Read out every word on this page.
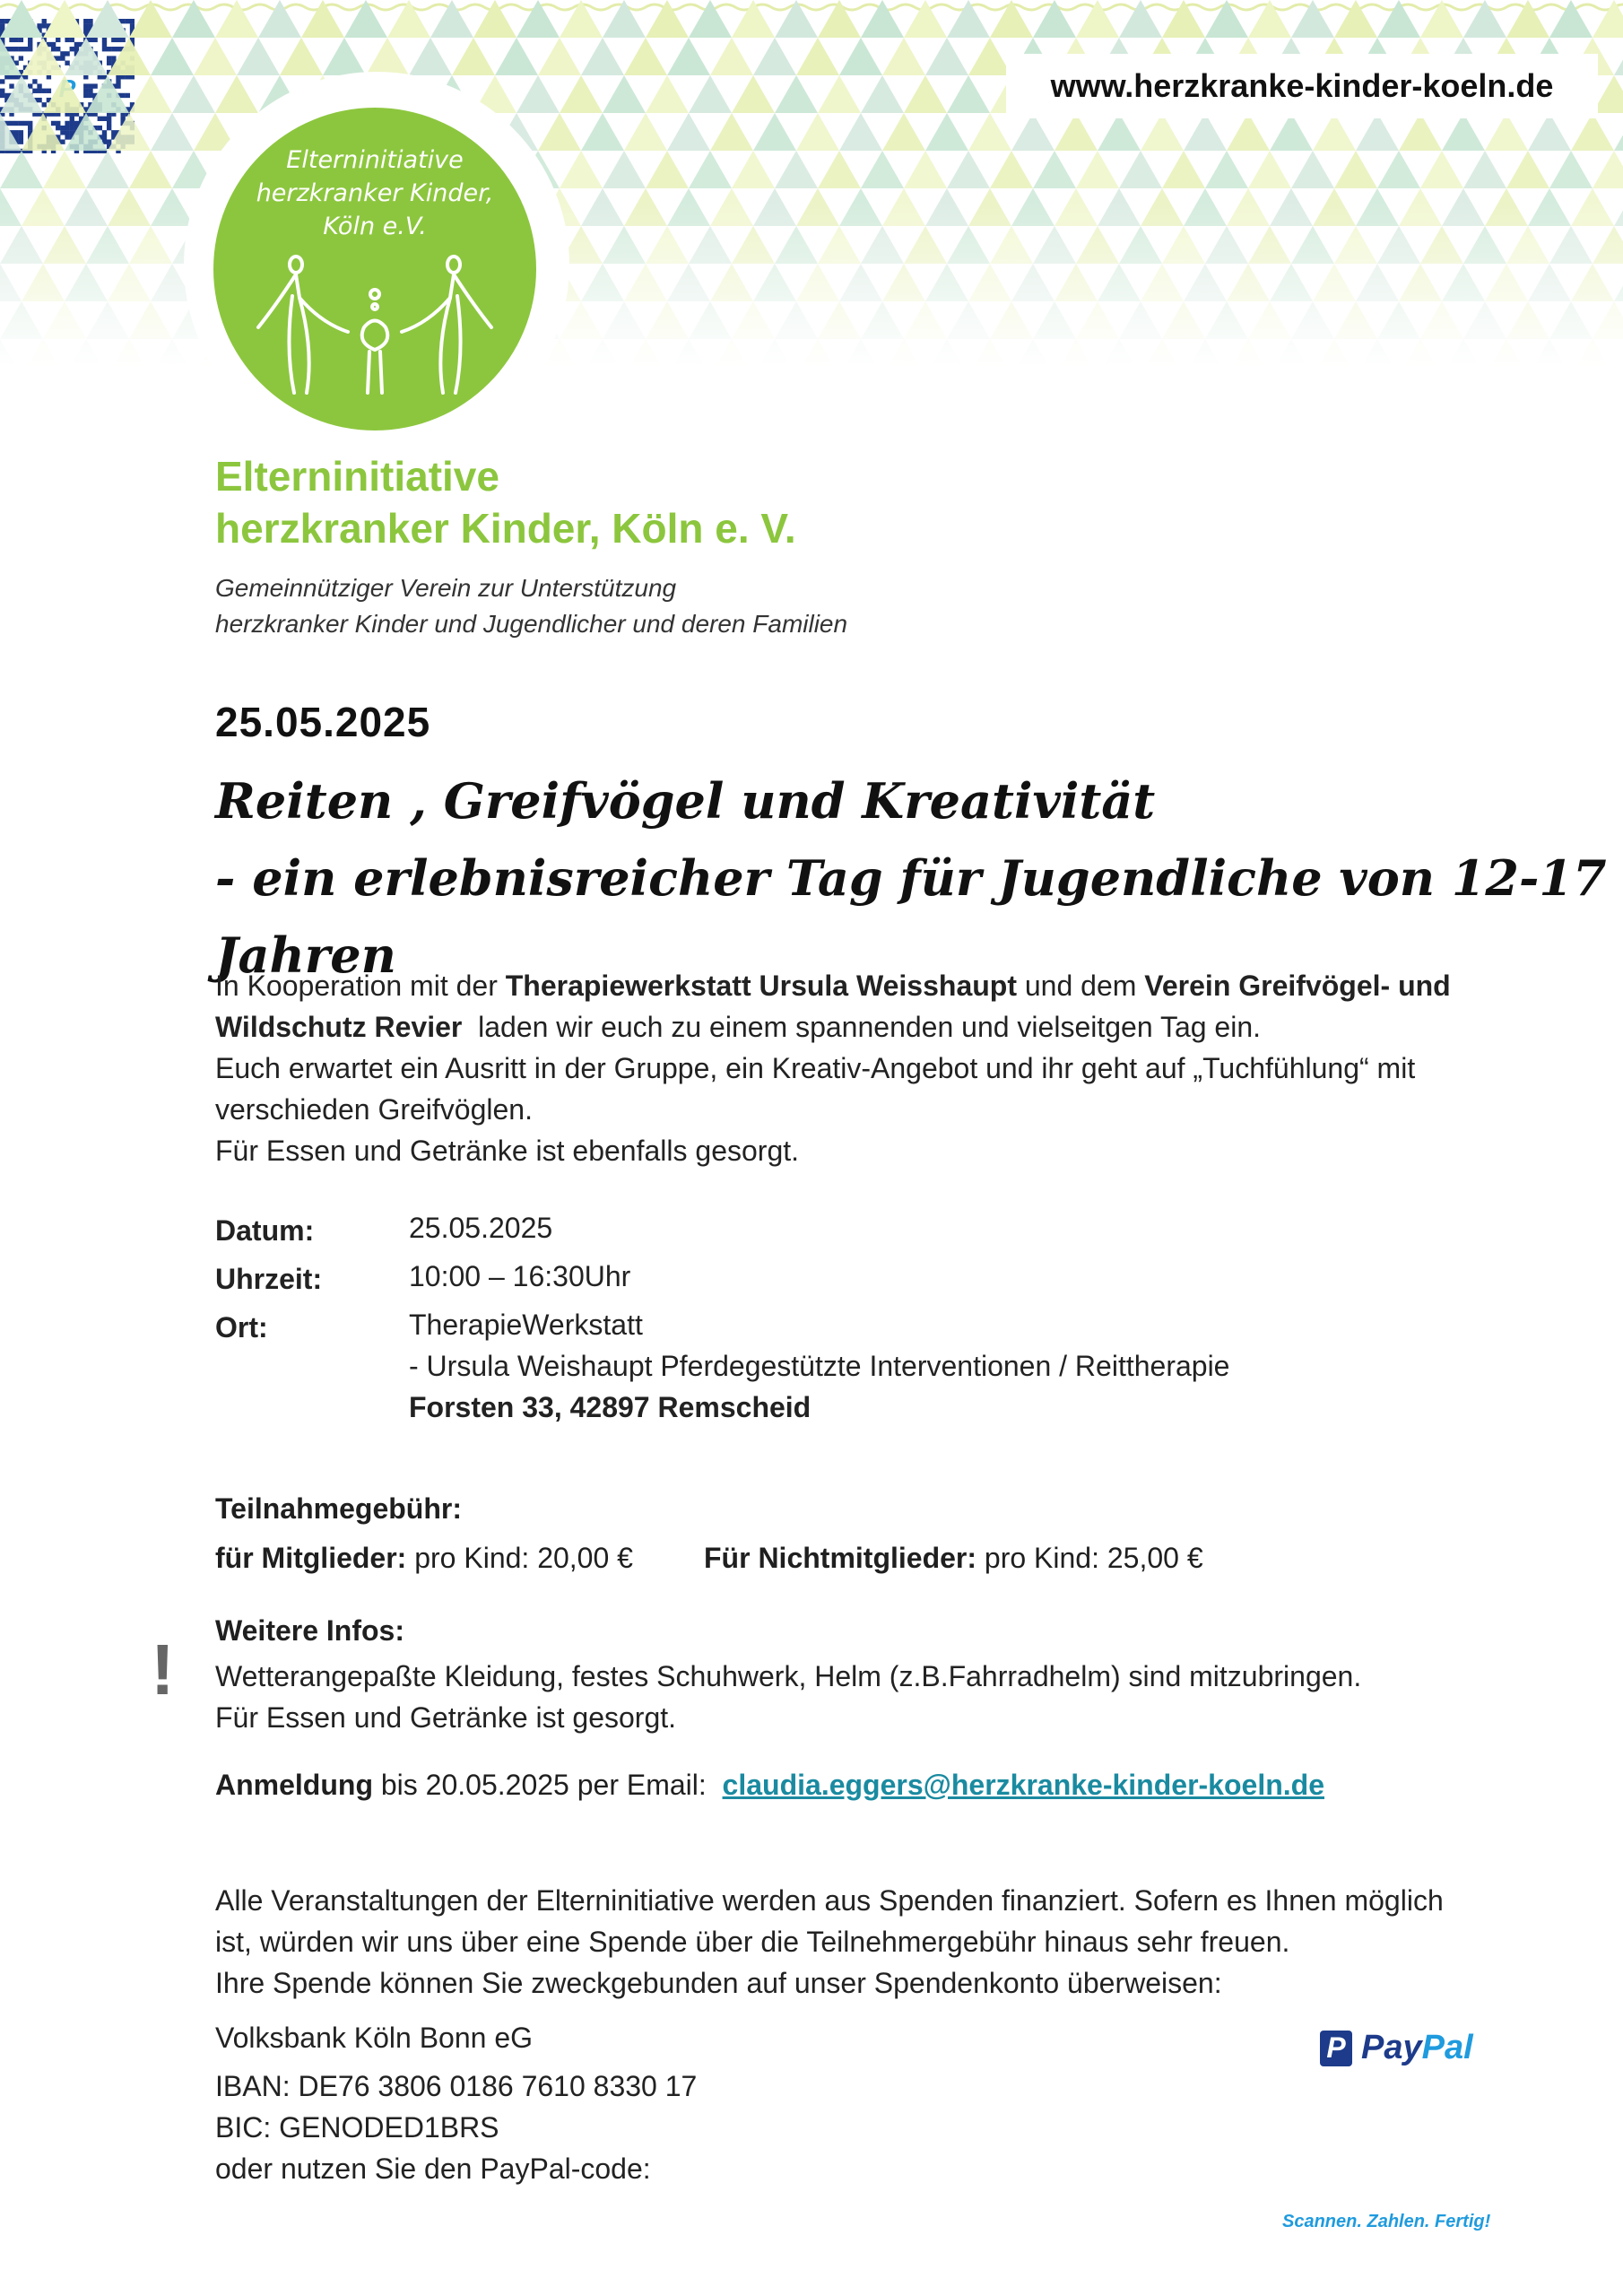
www.herzkranke-kinder-koeln.de
Elterninitiative
herzkranker Kinder,
Köln e.V.
Elterninitiative
herzkranker Kinder, Köln e. V.
Gemeinnütziger Verein zur Unterstützung
herzkranker Kinder und Jugendlicher und deren Familien
25.05.2025
Reiten , Greifvögel und Kreativität
- ein erlebnisreicher Tag für Jugendliche von 12-17 Jahren

In Kooperation mit der Therapiewerkstatt Ursula Weisshaupt und dem Verein Greifvögel- und

Wildschutz Revier  laden wir euch zu einem spannenden und vielseitgen Tag ein.

Euch erwartet ein Ausritt in der Gruppe, ein Kreativ-Angebot und ihr geht auf „Tuchfühlung“ mit

verschieden Greifvöglen.

Für Essen und Getränke ist ebenfalls gesorgt.

Datum:	25.05.2025
Uhrzeit:	10:00 – 16:30Uhr
Ort:	TherapieWerkstatt
- Ursula Weishaupt Pferdegestützte Interventionen / Reittherapie
Forsten 33, 42897 Remscheid
Teilnahmegebühr:
für Mitglieder: pro Kind: 20,00 € Für Nichtmitglieder: pro Kind: 25,00 €
! Weitere Infos:
Wetterangepaßte Kleidung, festes Schuhwerk, Helm (z.B.Fahrradhelm) sind mitzubringen.
Für Essen und Getränke ist gesorgt.
Anmeldung bis 20.05.2025 per Email:  claudia.eggers@herzkranke-kinder-koeln.de

Alle Veranstaltungen der Elterninitiative werden aus Spenden finanziert. Sofern es Ihnen möglich
ist, würden wir uns über eine Spende über die Teilnehmergebühr hinaus sehr freuen.
Ihre Spende können Sie zweckgebunden auf unser Spendenkonto überweisen:
Volksbank Köln Bonn eG
IBAN: DE76 3806 0186 7610 8330 17
BIC: GENODED1BRS
oder nutzen Sie den PayPal-code:
P PayPal
Scannen. Zahlen. Fertig!
